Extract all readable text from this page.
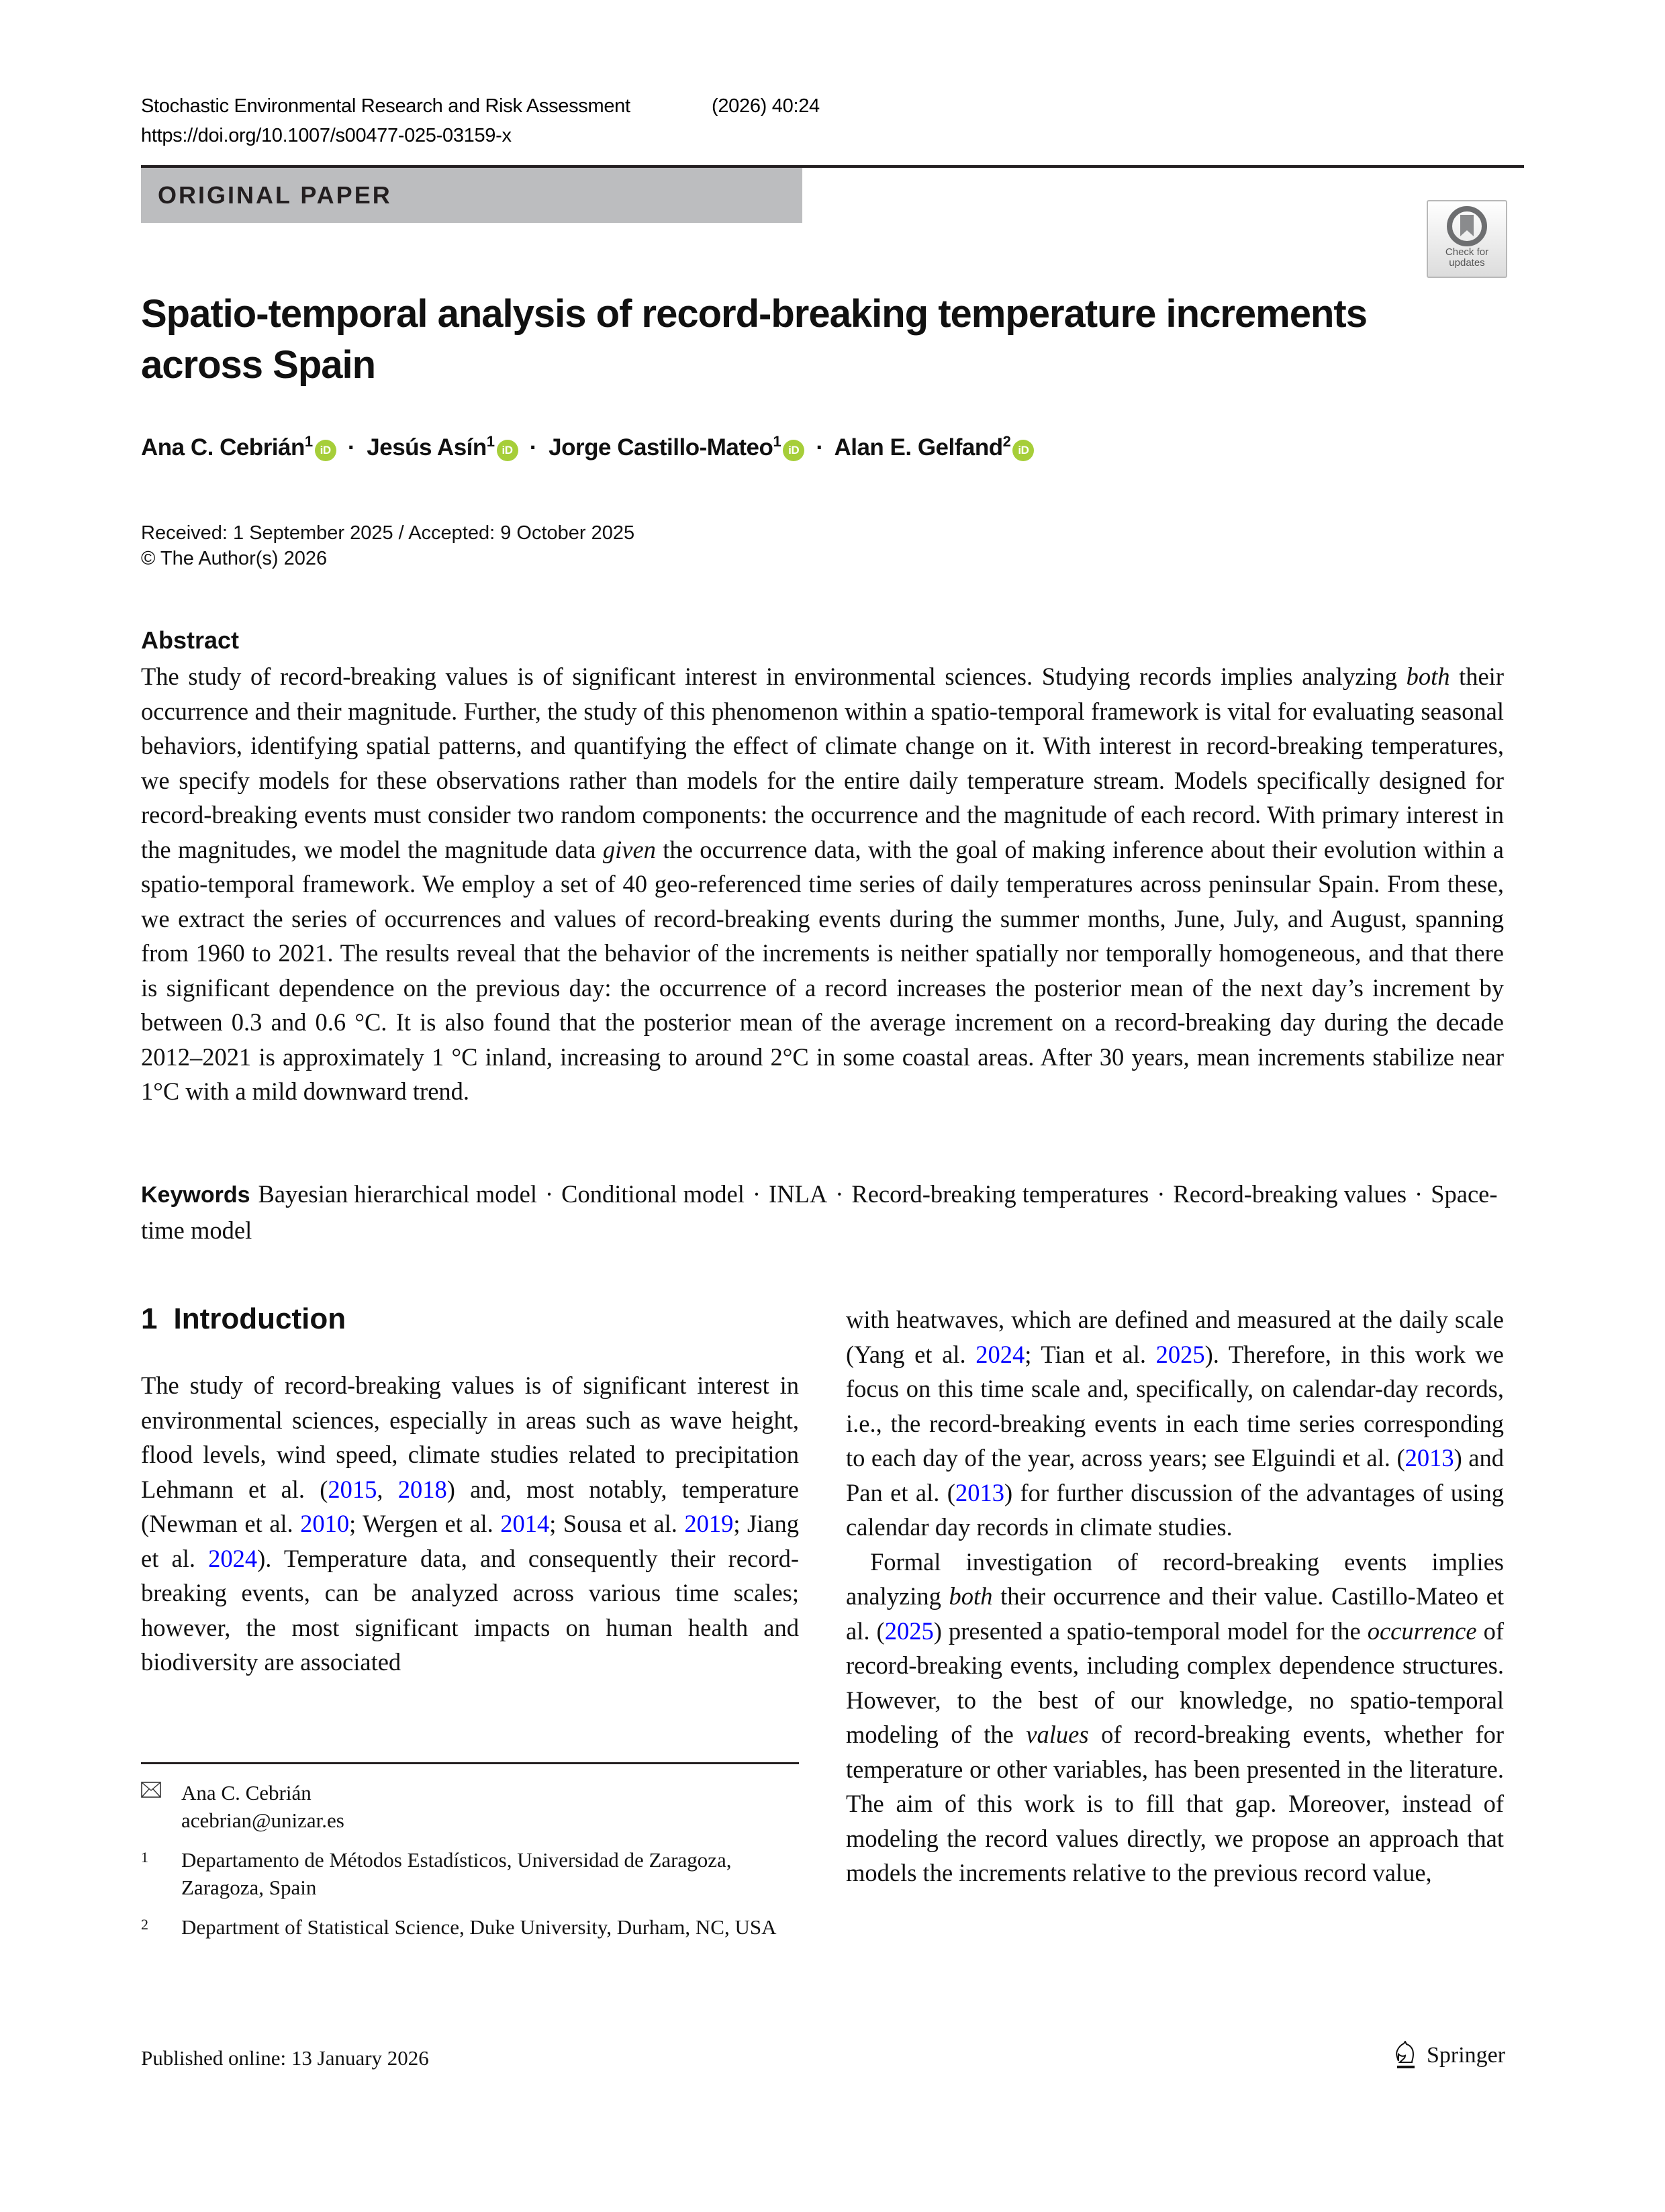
Stochastic Environmental Research and Risk Assessment	(2026) 40:24
https://doi.org/10.1007/s00477-025-03159-x
ORIGINAL PAPER
Check for
updates
Spatio-temporal analysis of record-breaking temperature increments across Spain
Ana C. Cebrián$^1$iD · Jesús Asín$^1$iD · Jorge Castillo-Mateo$^1$iD · Alan E. Gelfand$^2$iD
Received: 1 September 2025 / Accepted: 9 October 2025
© The Author(s) 2026
Abstract
The study of record-breaking values is of significant interest in environmental sciences. Studying records implies analyzing both their occurrence and their magnitude. Further, the study of this phenomenon within a spatio-temporal framework is vital for evaluating seasonal behaviors, identifying spatial patterns, and quantifying the effect of climate change on it. With interest in record-breaking temperatures, we specify models for these observations rather than models for the entire daily temperature stream. Models specifically designed for record-breaking events must consider two random components: the occurrence and the magnitude of each record. With primary interest in the magnitudes, we model the magnitude data given the occurrence data, with the goal of making inference about their evolution within a spatio-temporal framework. We employ a set of 40 geo-referenced time series of daily temperatures across peninsular Spain. From these, we extract the series of occurrences and values of record-breaking events during the summer months, June, July, and August, spanning from 1960 to 2021. The results reveal that the behavior of the increments is neither spatially nor temporally homogeneous, and that there is significant dependence on the previous day: the occurrence of a record increases the posterior mean of the next day’s increment by between 0.3 and 0.6 °C. It is also found that the posterior mean of the average increment on a record-breaking day during the decade 2012–2021 is approximately 1 °C inland, increasing to around 2°C in some coastal areas. After 30 years, mean increments stabilize near 1°C with a mild downward trend.
Keywords Bayesian hierarchical model · Conditional model · INLA · Record-breaking temperatures · Record-breaking values · Space-time model
1 Introduction

The study of record-breaking values is of significant interest in environmental sciences, especially in areas such as wave height, flood levels, wind speed, climate studies related to precipitation Lehmann et al. (2015, 2018) and, most notably, temperature (Newman et al. 2010; Wergen et al. 2014; Sousa et al. 2019; Jiang et al. 2024). Temperature data, and consequently their record-breaking events, can be analyzed across various time scales; however, the most significant impacts on human health and biodiversity are associated

with heatwaves, which are defined and measured at the daily scale (Yang et al. 2024; Tian et al. 2025). Therefore, in this work we focus on this time scale and, specifically, on calendar-day records, i.e., the record-breaking events in each time series corresponding to each day of the year, across years; see Elguindi et al. (2013) and Pan et al. (2013) for further discussion of the advantages of using calendar day records in climate studies.

Formal investigation of record-breaking events implies analyzing both their occurrence and their value. Castillo-Mateo et al. (2025) presented a spatio-temporal model for the occurrence of record-breaking events, including complex dependence structures. However, to the best of our knowledge, no spatio-temporal modeling of the values of record-breaking events, whether for temperature or other variables, has been presented in the literature. The aim of this work is to fill that gap. Moreover, instead of modeling the record values directly, we propose an approach that models the increments relative to the previous record value,

Ana C. Cebrián
acebrian@unizar.es
1	Departamento de Métodos Estadísticos, Universidad de Zaragoza, Zaragoza, Spain
2	Department of Statistical Science, Duke University, Durham, NC, USA
Published online: 13 January 2026	Springer
